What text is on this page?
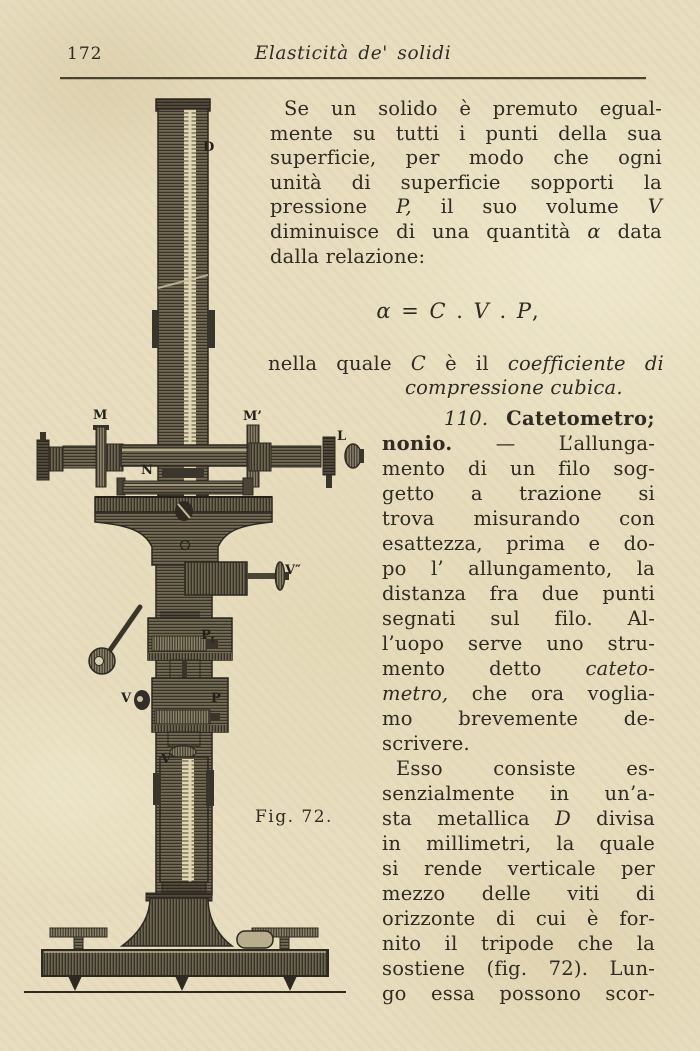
172	Elasticità de' solidi
D
M	M’
L
N
V″
$P_t$
V	P
V
Fig. 72.
Se un solido è premuto egual-
mente su tutti i punti della sua
superficie, per modo che ogni
unità di superficie sopporti la
pressione P, il suo volume V
diminuisce di una quantità α data
dalla relazione:
α = C . V . P,
nella quale C è il coefficiente di
compressione cubica.
110. Catetometro;
nonio. — L’allunga-
mento di un filo sog-
getto a trazione si
trova misurando con
esattezza, prima e do-
po l’ allungamento, la
distanza fra due punti
segnati sul filo. Al-
l’uopo serve uno stru-
mento detto cateto-
metro, che ora voglia-
mo brevemente de-
scrivere.
Esso consiste es-
senzialmente in un’a-
sta metallica D divisa
in millimetri, la quale
si rende verticale per
mezzo delle viti di
orizzonte di cui è for-
nito il tripode che la
sostiene (fig. 72). Lun-
go essa possono scor-
